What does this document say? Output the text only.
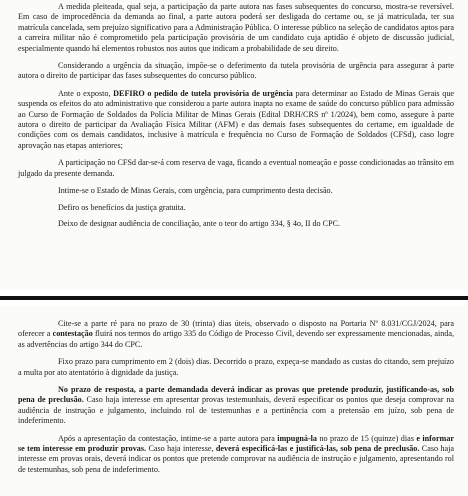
A medida pleiteada, qual seja, a participação da parte autora nas fases subsequentes do concurso, mostra-se reversível. Em caso de improcedência da demanda ao final, a parte autora poderá ser desligada do certame ou, se já matriculada, ter sua matrícula cancelada, sem prejuízo significativo para a Administração Pública. O interesse público na seleção de candidatos aptos para a carreira militar não é comprometido pela participação provisória de um candidato cuja aptidão é objeto de discussão judicial, especialmente quando há elementos robustos nos autos que indicam a probabilidade de seu direito.

Considerando a urgência da situação, impõe-se o deferimento da tutela provisória de urgência para assegurar à parte autora o direito de participar das fases subsequentes do concurso público.

Ante o exposto, DEFIRO o pedido de tutela provisória de urgência para determinar ao Estado de Minas Gerais que suspenda os efeitos do ato administrativo que considerou a parte autora inapta no exame de saúde do concurso público para admissão ao Curso de Formação de Soldados da Polícia Militar de Minas Gerais (Edital DRH/CRS nº 1/2024), bem como, assegure à parte autora o direito de participar da Avaliação Física Militar (AFM) e das demais fases subsequentes do certame, em igualdade de condições com os demais candidatos, inclusive à matrícula e frequência no Curso de Formação de Soldados (CFSd), caso logre aprovação nas etapas anteriores;

A participação no CFSd dar-se-á com reserva de vaga, ficando a eventual nomeação e posse condicionadas ao trânsito em julgado da presente demanda.

Intime-se o Estado de Minas Gerais, com urgência, para cumprimento desta decisão.

Defiro os benefícios da justiça gratuita.

Deixo de designar audiência de conciliação, ante o teor do artigo 334, § 4o, II do CPC.

Cite-se a parte ré para no prazo de 30 (trinta) dias úteis, observado o disposto na Portaria Nº 8.031/CGJ/2024, para oferecer a contestação fluirá nos termos do artigo 335 do Código de Processo Civil, devendo ser expressamente mencionadas, ainda, as advertências do artigo 344 do CPC.

Fixo prazo para cumprimento em 2 (dois) dias. Decorrido o prazo, expeça-se mandado as custas do citando, sem prejuízo a multa por ato atentatório à dignidade da justiça.

No prazo de resposta, a parte demandada deverá indicar as provas que pretende produzir, justificando-as, sob pena de preclusão. Caso haja interesse em apresentar provas testemunhais, deverá especificar os pontos que deseja comprovar na audiência de instrução e julgamento, incluindo rol de testemunhas e a pertinência com a pretensão em juízo, sob pena de indeferimento.

Após a apresentação da contestação, intime-se a parte autora para impugná-la no prazo de 15 (quinze) dias e informar se tem interesse em produzir provas. Caso haja interesse, deverá especificá-las e justificá-las, sob pena de preclusão. Caso haja interesse em provas orais, deverá indicar os pontos que pretende comprovar na audiência de instrução e julgamento, apresentando rol de testemunhas, sob pena de indeferimento.
